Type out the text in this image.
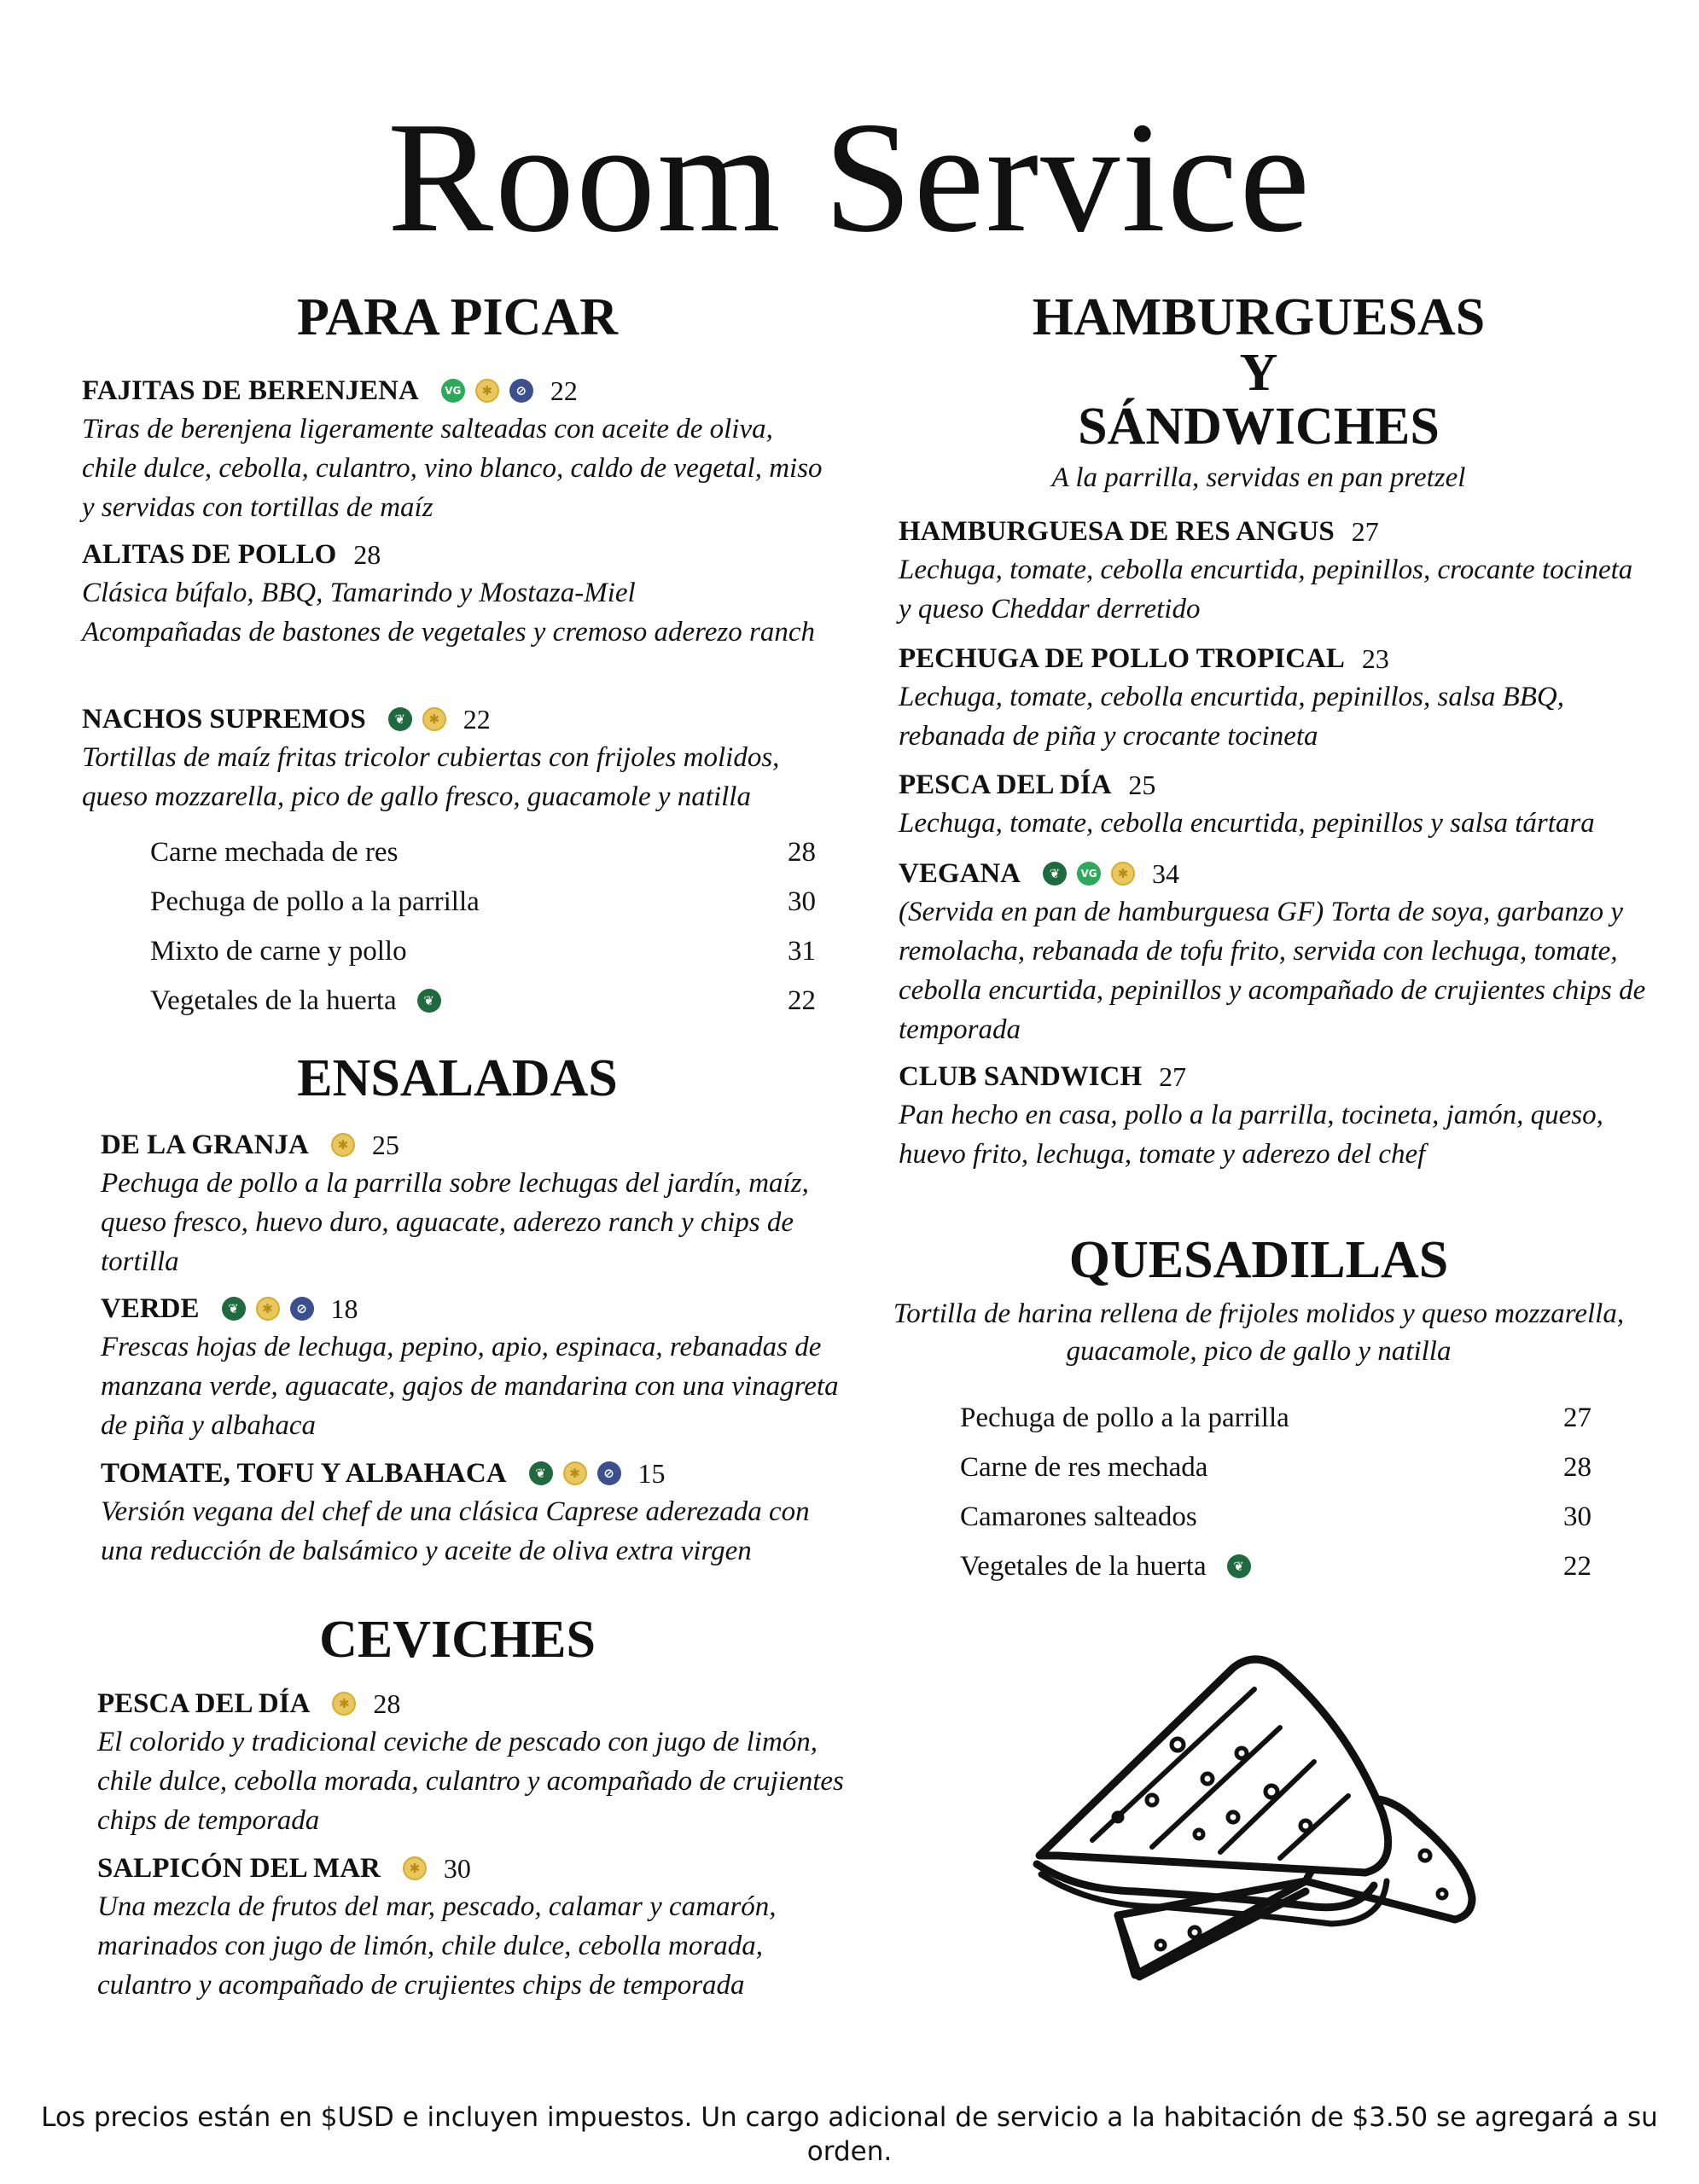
Room Service
PARA PICAR
FAJITAS DE BERENJENA	VG	✱	⊘ 22

Tiras de berenjena ligeramente salteadas con aceite de oliva, chile dulce, cebolla, culantro, vino blanco, caldo de vegetal, miso y servidas con tortillas de maíz

ALITAS DE POLLO 28

Clásica búfalo, BBQ, Tamarindo y Mostaza-Miel

Acompañadas de bastones de vegetales y cremoso aderezo ranch

NACHOS SUPREMOS	❦	✱ 22

Tortillas de maíz fritas tricolor cubiertas con frijoles molidos, queso mozzarella, pico de gallo fresco, guacamole y natilla

Carne mechada de res	28
Pechuga de pollo a la parrilla	30
Mixto de carne y pollo	31
Vegetales de la huerta	❦	22
ENSALADAS
DE LA GRANJA	✱ 25

Pechuga de pollo a la parrilla sobre lechugas del jardín, maíz, queso fresco, huevo duro, aguacate, aderezo ranch y chips de tortilla

VERDE	❦	✱	⊘ 18

Frescas hojas de lechuga, pepino, apio, espinaca, rebanadas de manzana verde, aguacate, gajos de mandarina con una vinagreta de piña y albahaca

TOMATE, TOFU Y ALBAHACA	❦	✱	⊘ 15

Versión vegana del chef de una clásica Caprese aderezada con una reducción de balsámico y aceite de oliva extra virgen

CEVICHES
PESCA DEL DÍA	✱ 28

El colorido y tradicional ceviche de pescado con jugo de limón, chile dulce, cebolla morada, culantro y acompañado de crujientes chips de temporada

SALPICÓN DEL MAR	✱ 30

Una mezcla de frutos del mar, pescado, calamar y camarón, marinados con jugo de limón, chile dulce, cebolla morada, culantro y acompañado de crujientes chips de temporada

HAMBURGUESAS
Y
SÁNDWICHES
A la parrilla, servidas en pan pretzel
HAMBURGUESA DE RES ANGUS 27

Lechuga, tomate, cebolla encurtida, pepinillos, crocante tocineta y queso Cheddar derretido

PECHUGA DE POLLO TROPICAL 23

Lechuga, tomate, cebolla encurtida, pepinillos, salsa BBQ, rebanada de piña y crocante tocineta

PESCA DEL DÍA 25

Lechuga, tomate, cebolla encurtida, pepinillos y salsa tártara

VEGANA	❦	VG	✱ 34

(Servida en pan de hamburguesa GF) Torta de soya, garbanzo y remolacha, rebanada de tofu frito, servida con lechuga, tomate, cebolla encurtida, pepinillos y acompañado de crujientes chips de temporada

CLUB SANDWICH 27

Pan hecho en casa, pollo a la parrilla, tocineta, jamón, queso, huevo frito, lechuga, tomate y aderezo del chef

QUESADILLAS
Tortilla de harina rellena de frijoles molidos y queso mozzarella, guacamole, pico de gallo y natilla
Pechuga de pollo a la parrilla	27
Carne de res mechada	28
Camarones salteados	30
Vegetales de la huerta	❦	22
Los precios están en $USD e incluyen impuestos. Un cargo adicional de servicio a la habitación de $3.50 se agregará a su orden.
